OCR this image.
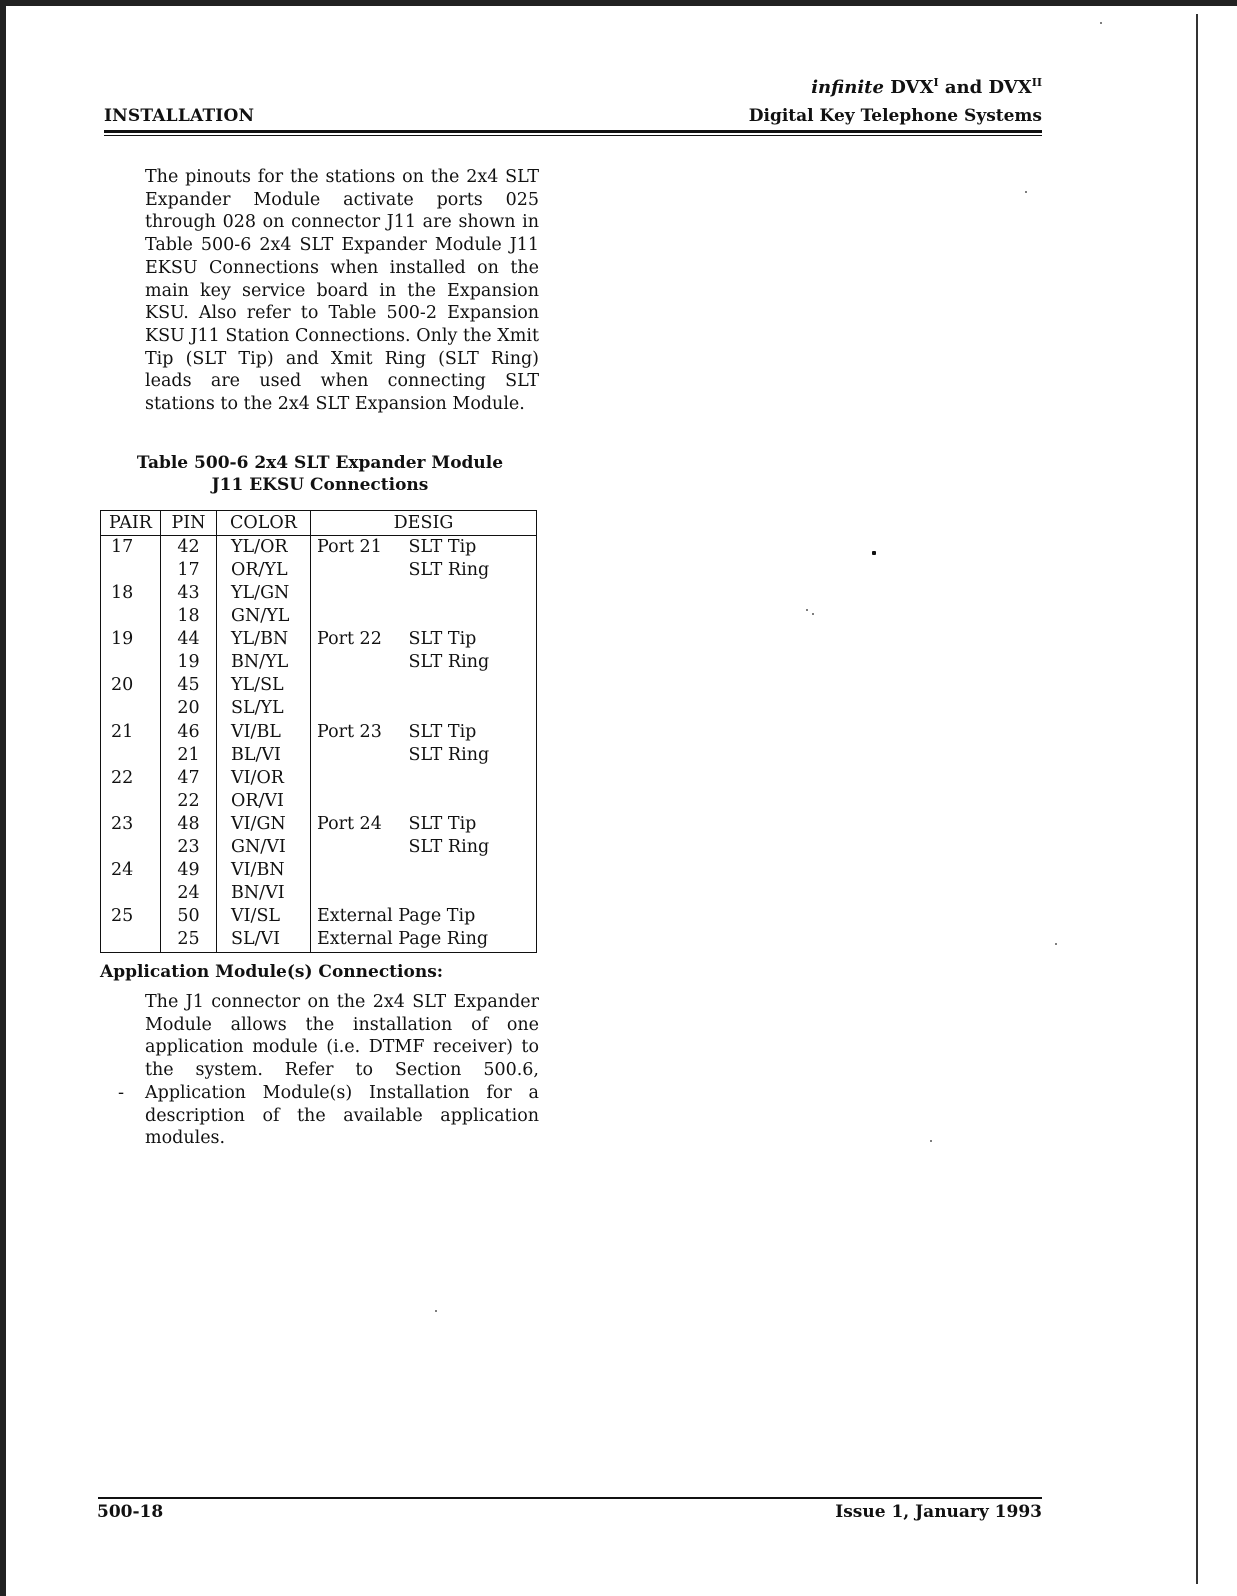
INSTALLATION
infinite $DVX^I$ and $DVX^{II}$
Digital Key Telephone Systems
The pinouts for the stations on the 2x4 SLT Expander Module activate ports 025 through 028 on connector J11 are shown in Table 500-6 2x4 SLT Expander Module J11 EKSU Connections when installed on the main key service board in the Expansion KSU. Also refer to Table 500-2 Expansion KSU J11 Station Connections. Only the Xmit Tip (SLT Tip) and Xmit Ring (SLT Ring) leads are used when connecting SLT stations to the 2x4 SLT Expansion Module.
Table 500-6 2x4 SLT Expander Module
J11 EKSU Connections
PAIR	PIN	COLOR	DESIG	
17	42	YL/OR	Port 21	SLT Tip
	17	OR/YL		SLT Ring
18	43	YL/GN		
	18	GN/YL		
19	44	YL/BN	Port 22	SLT Tip
	19	BN/YL		SLT Ring
20	45	YL/SL		
	20	SL/YL		
21	46	VI/BL	Port 23	SLT Tip
	21	BL/VI		SLT Ring
22	47	VI/OR		
	22	OR/VI		
23	48	VI/GN	Port 24	SLT Tip
	23	GN/VI		SLT Ring
24	49	VI/BN		
	24	BN/VI		
25	50	VI/SL	External Page Tip	
	25	SL/VI	External Page Ring	
Application Module(s) Connections:
The J1 connector on the 2x4 SLT Expander Module allows the installation of one application module (i.e. DTMF receiver) to the system. Refer to Section 500.6, Application Module(s) Installation for a description of the available application modules.
-
500-18	Issue 1, January 1993
